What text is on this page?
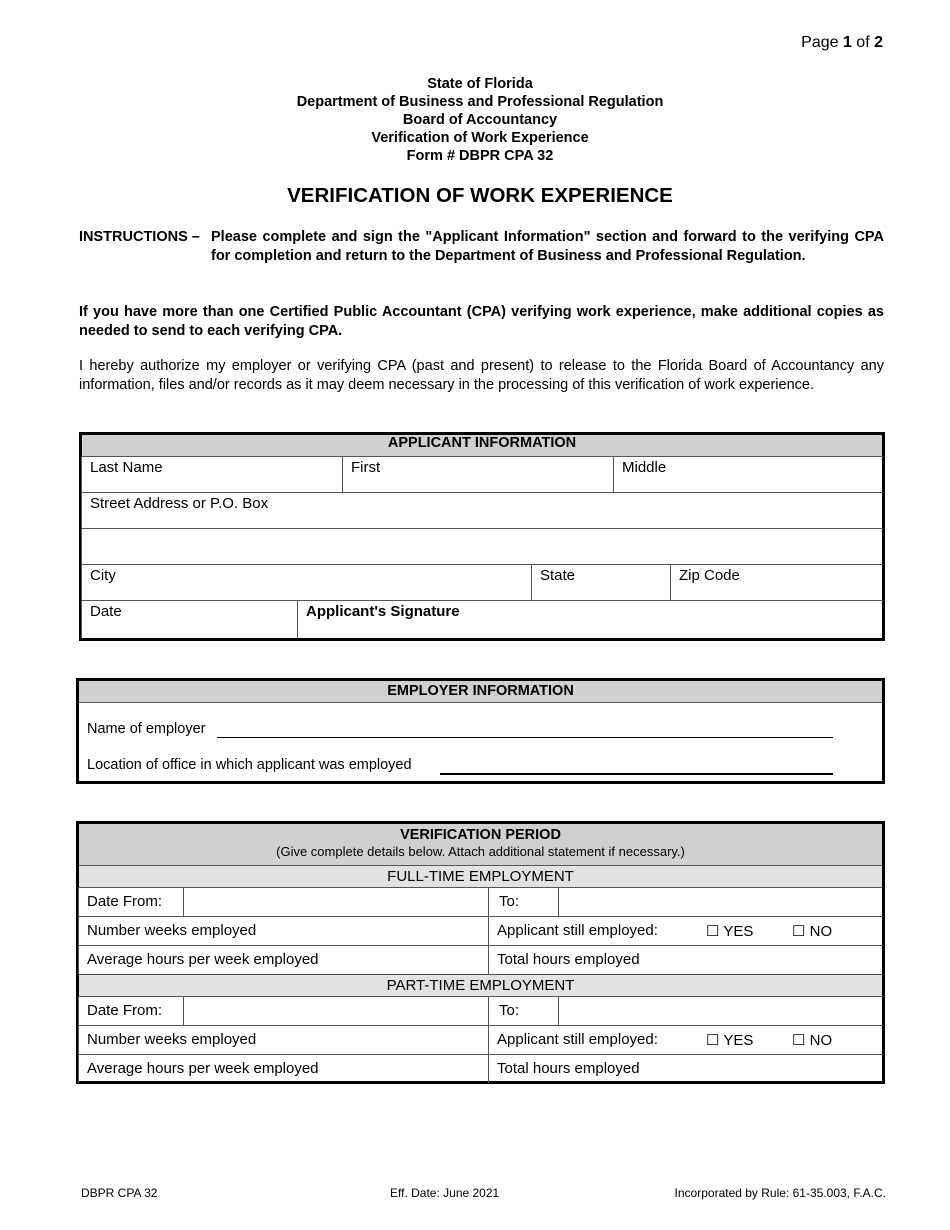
Page 1 of 2
State of Florida
Department of Business and Professional Regulation
Board of Accountancy
Verification of Work Experience
Form # DBPR CPA 32
VERIFICATION OF WORK EXPERIENCE
INSTRUCTIONS – Please complete and sign the "Applicant Information" section and forward to the verifying CPA for completion and return to the Department of Business and Professional Regulation.
If you have more than one Certified Public Accountant (CPA) verifying work experience, make additional copies as needed to send to each verifying CPA.
I hereby authorize my employer or verifying CPA (past and present) to release to the Florida Board of Accountancy any information, files and/or records as it may deem necessary in the processing of this verification of work experience.
APPLICANT INFORMATION
Last Name	First	Middle
Street Address or P.O. Box
City	State	Zip Code
Date	Applicant's Signature
EMPLOYER INFORMATION
Name of employer
Location of office in which applicant was employed
VERIFICATION PERIOD
(Give complete details below. Attach additional statement if necessary.)
FULL-TIME EMPLOYMENT
Date From:	To:
Number weeks employed	Applicant still employed:	☐ YES	☐ NO
Average hours per week employed	Total hours employed
PART-TIME EMPLOYMENT
Date From:	To:
Number weeks employed	Applicant still employed:	☐ YES	☐ NO
Average hours per week employed	Total hours employed
DBPR CPA 32	Eff. Date: June 2021	Incorporated by Rule: 61-35.003, F.A.C.
